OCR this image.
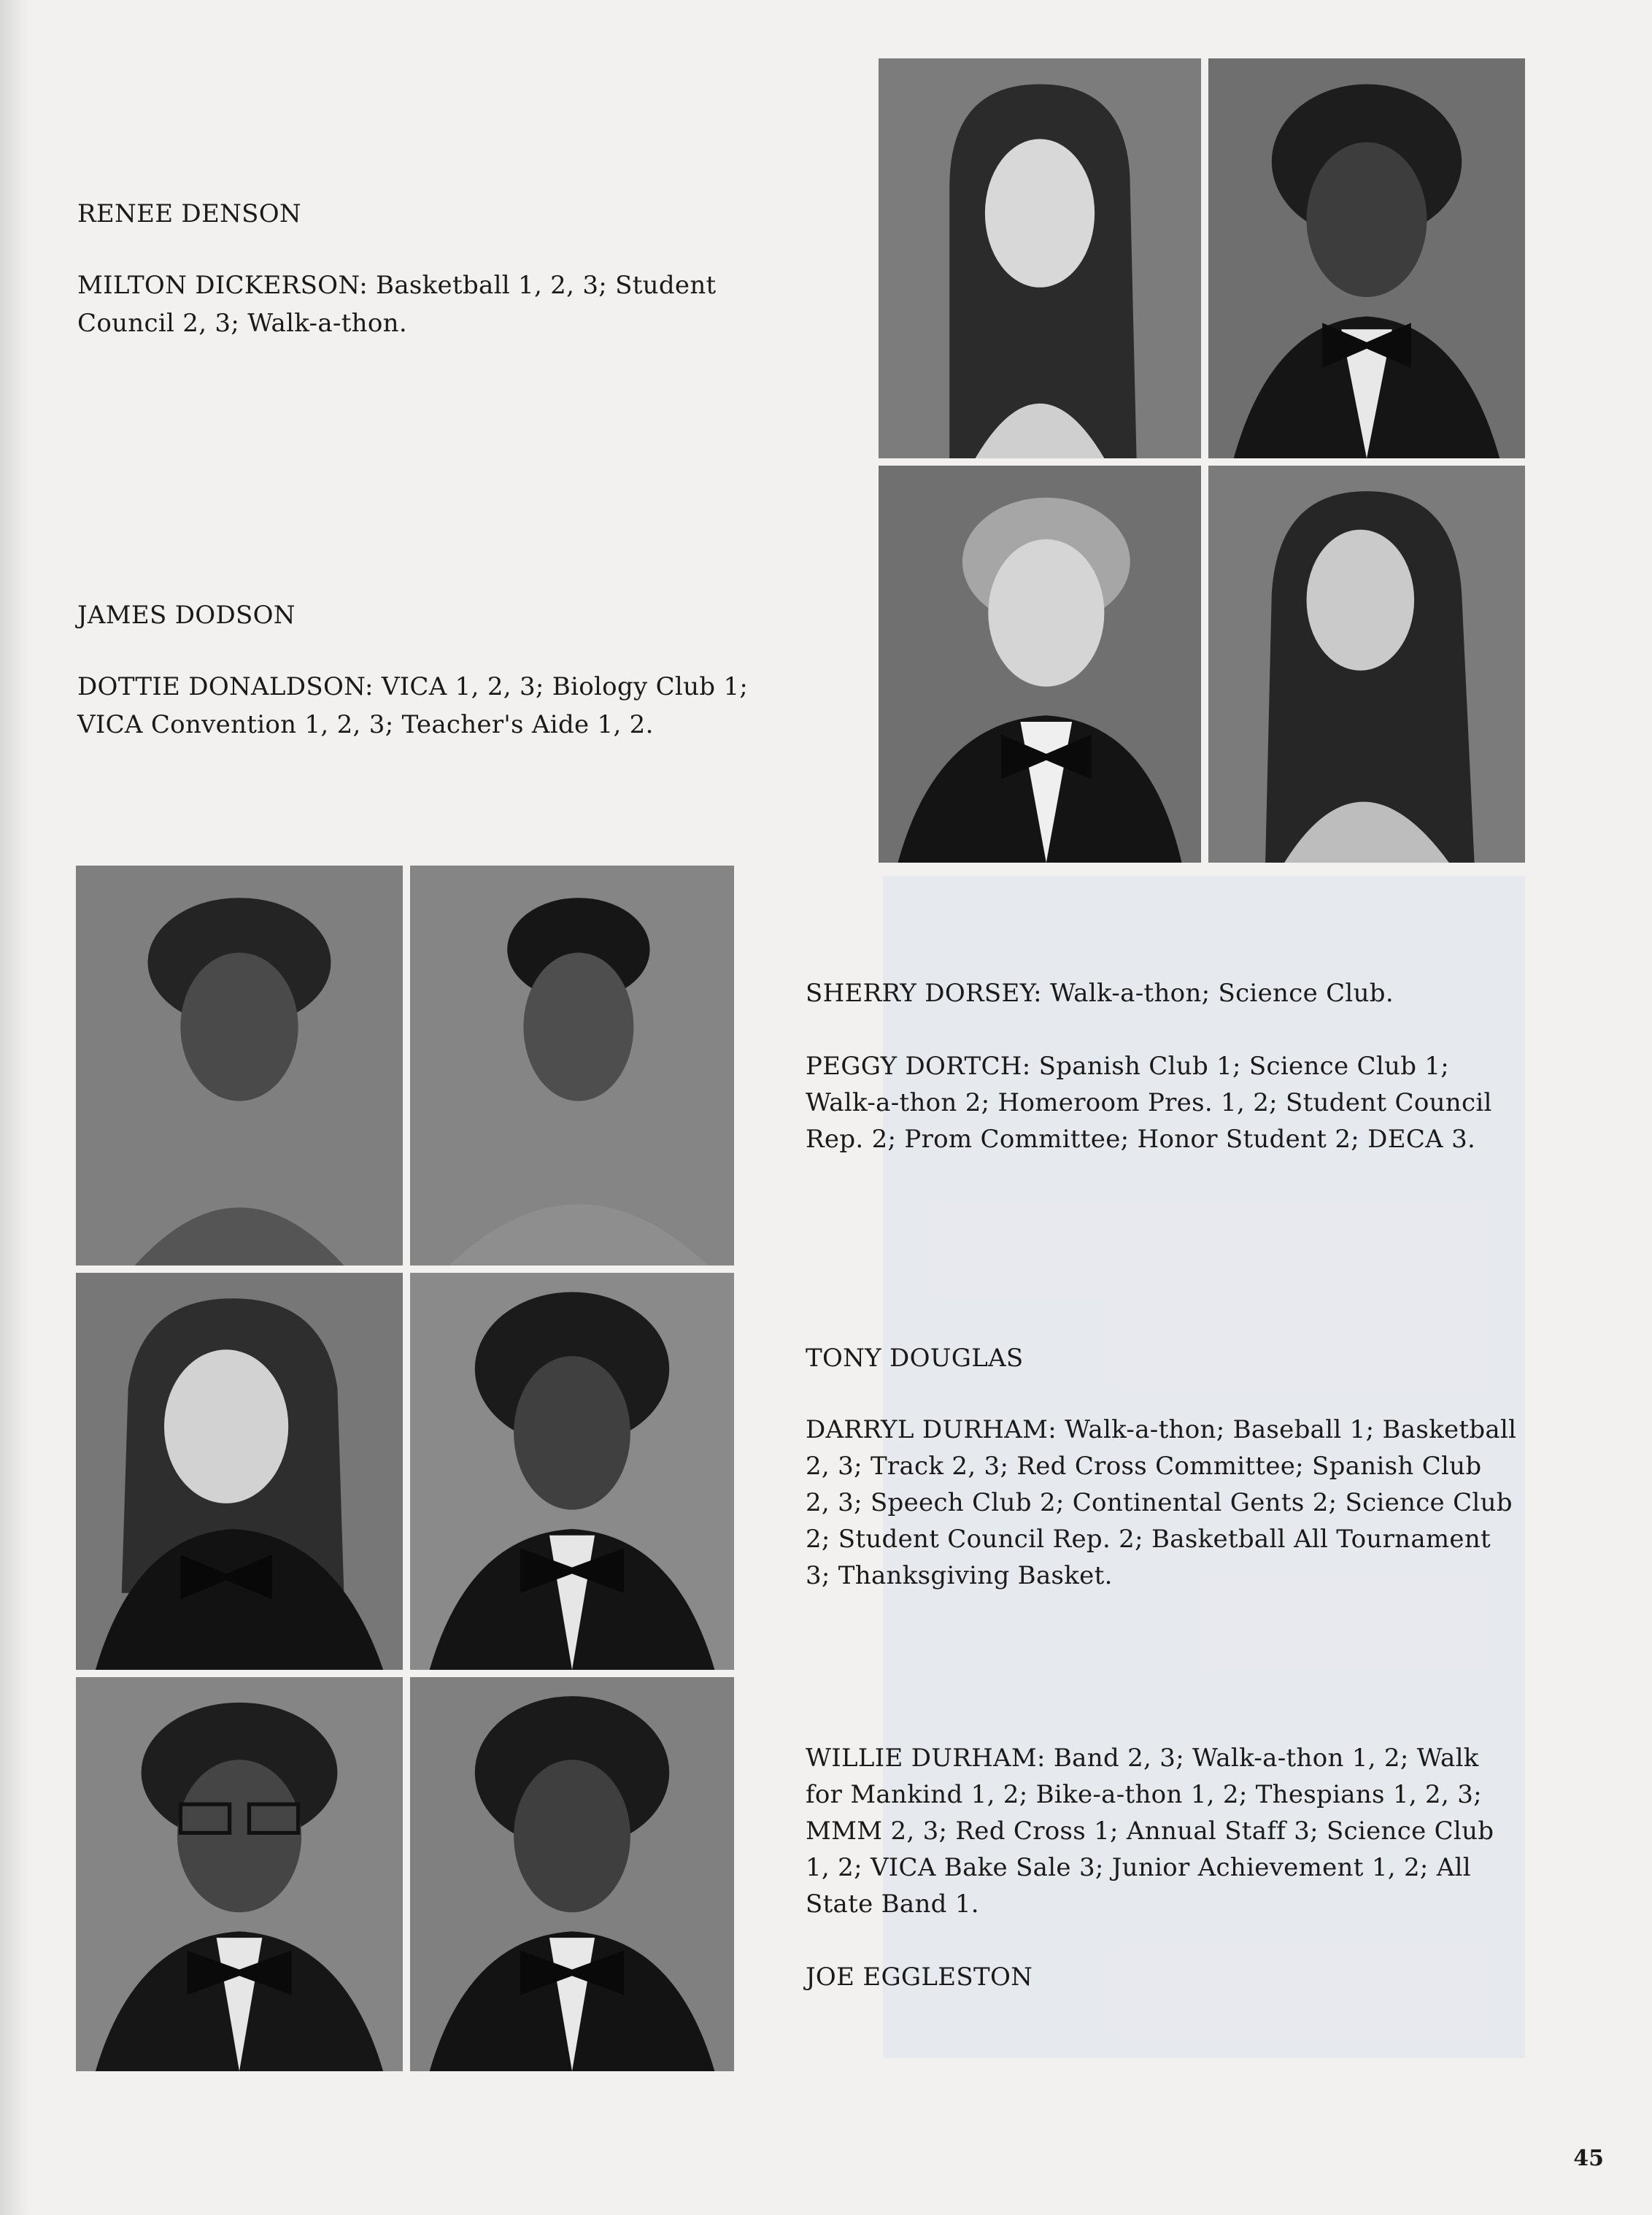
RENEE DENSON

MILTON DICKERSON: Basketball 1, 2, 3; Student

Council 2, 3; Walk-a-thon.

JAMES DODSON

DOTTIE DONALDSON: VICA 1, 2, 3; Biology Club 1;

VICA Convention 1, 2, 3; Teacher's Aide 1, 2.

SHERRY DORSEY: Walk-a-thon; Science Club.

PEGGY DORTCH: Spanish Club 1; Science Club 1;

Walk-a-thon 2; Homeroom Pres. 1, 2; Student Council

Rep. 2; Prom Committee; Honor Student 2; DECA 3.

TONY DOUGLAS

DARRYL DURHAM: Walk-a-thon; Baseball 1; Basketball

2, 3; Track 2, 3; Red Cross Committee; Spanish Club

2, 3; Speech Club 2; Continental Gents 2; Science Club

2; Student Council Rep. 2; Basketball All Tournament

3; Thanksgiving Basket.

WILLIE DURHAM: Band 2, 3; Walk-a-thon 1, 2; Walk

for Mankind 1, 2; Bike-a-thon 1, 2; Thespians 1, 2, 3;

MMM 2, 3; Red Cross 1; Annual Staff 3; Science Club

1, 2; VICA Bake Sale 3; Junior Achievement 1, 2; All

State Band 1.

JOE EGGLESTON

45
